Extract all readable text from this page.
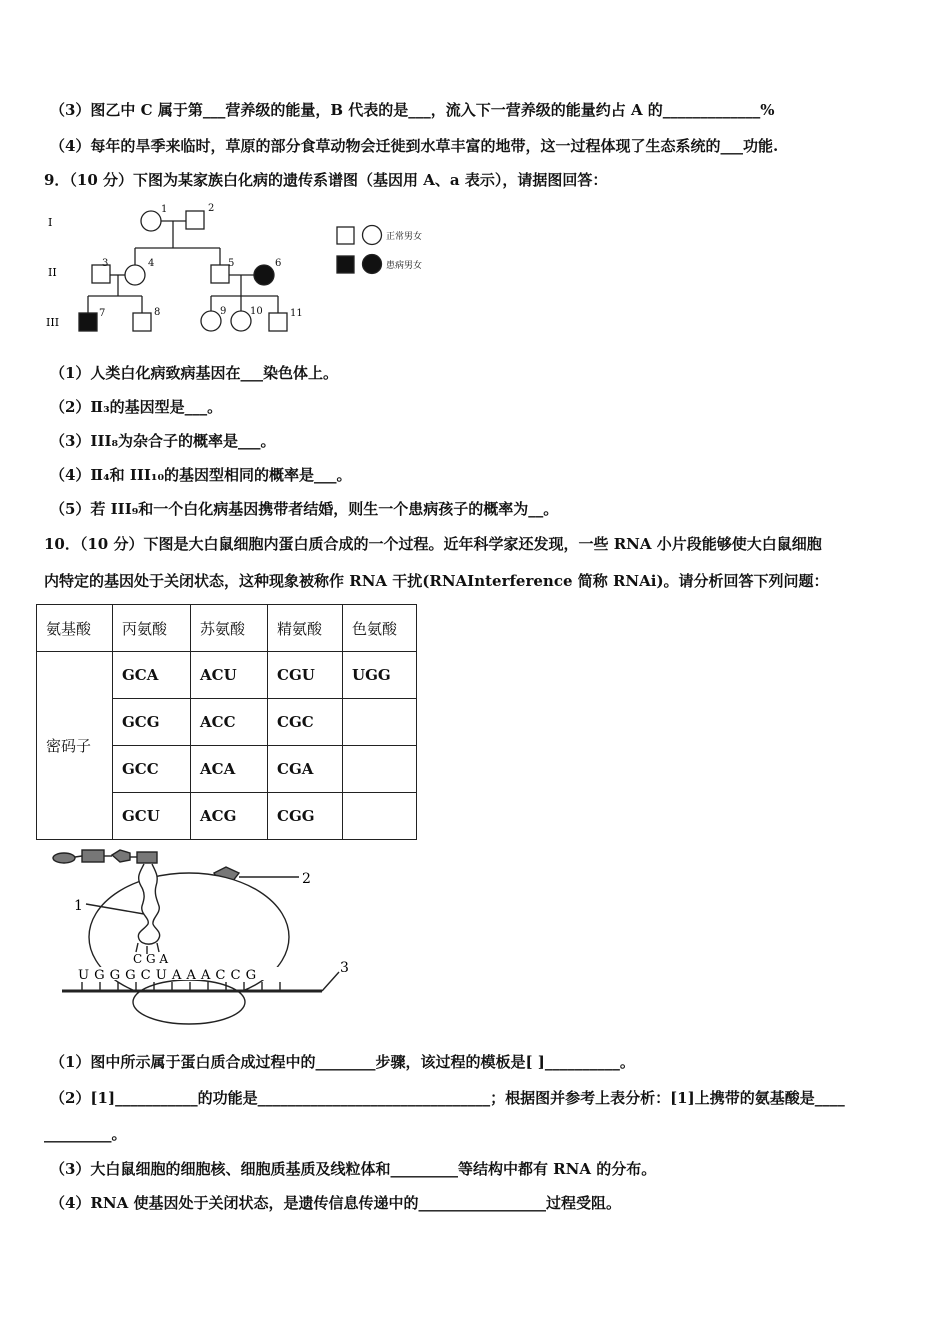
（3）图乙中 C 属于第___营养级的能量，B 代表的是___，流入下一营养级的能量约占 A 的_____________%
（4）每年的旱季来临时，草原的部分食草动物会迁徙到水草丰富的地带，这一过程体现了生态系统的___功能.
9．（10 分）下图为某家族白化病的遗传系谱图（基因用 A、a 表示），请据图回答：
I
II
III
1	2
3	4	5	6
7	8	9 10	11
正常男女
患病男女
（1）人类白化病致病基因在___染色体上。
（2）Ⅱ₃的基因型是___。
（3）III₈为杂合子的概率是___。
（4）Ⅱ₄和 III₁₀的基因型相同的概率是___。
（5）若 III₉和一个白化病基因携带者结婚，则生一个患病孩子的概率为__。
10．（10 分）下图是大白鼠细胞内蛋白质合成的一个过程。近年科学家还发现，一些 RNA 小片段能够使大白鼠细胞
内特定的基因处于关闭状态，这种现象被称作 RNA 干扰(RNAInterference 简称 RNAi)。请分析回答下列问题：
氨基酸	丙氨酸	苏氨酸	精氨酸	色氨酸
密码子	GCA	ACU	CGU	UGG
	GCG	ACC	CGC	
	GCC	ACA	CGA	
	GCU	ACG	CGG	
1
2
3
C G A
U G G G C U A A A C C G
（1）图中所示属于蛋白质合成过程中的________步骤，该过程的模板是[ ]__________。
（2）[1]___________的功能是_______________________________；根据图并参考上表分析：[1]上携带的氨基酸是____
_________。
（3）大白鼠细胞的细胞核、细胞质基质及线粒体和_________等结构中都有 RNA 的分布。
（4）RNA 使基因处于关闭状态，是遗传信息传递中的_________________过程受阻。
